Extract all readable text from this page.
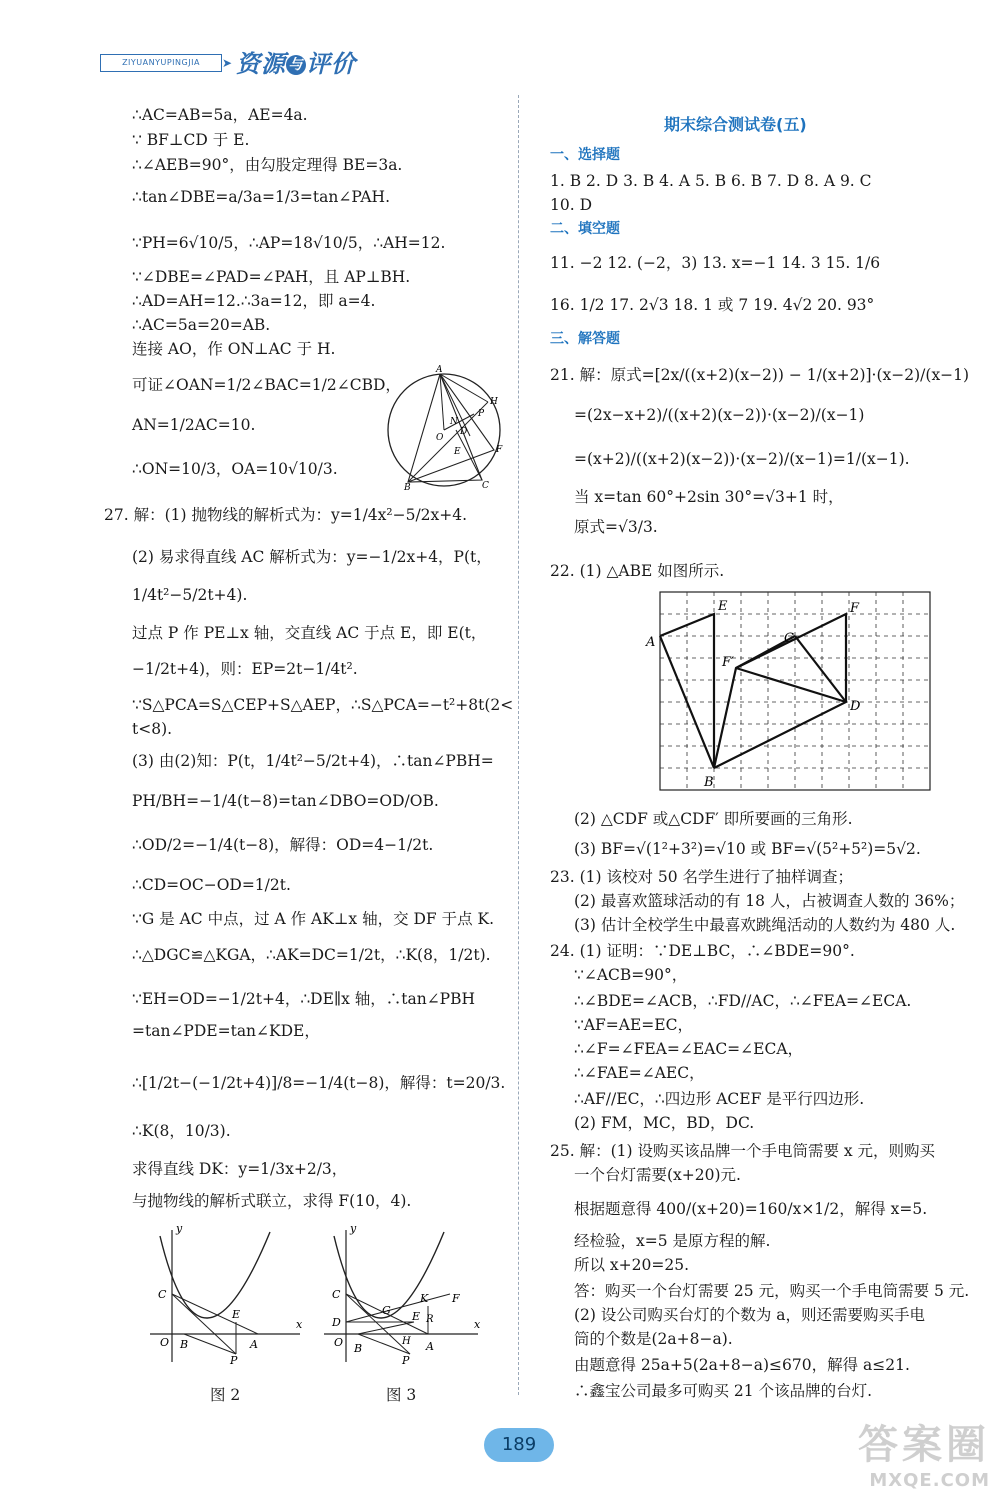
ZIYUANYUPINGJIA	➤ 资源 与 评价
∴AC=AB=5a，AE=4a.
∵ BF⊥CD 于 E.
∴∠AEB=90°，由勾股定理得 BE=3a.
∴tan∠DBE=a/3a=1/3=tan∠PAH.
∵PH=6√10/5，∴AP=18√10/5，∴AH=12.
∵∠DBE=∠PAD=∠PAH，且 AP⊥BH.
∴AD=AH=12.∴3a=12，即 a=4.
∴AC=5a=20=AB.
连接 AO，作 ON⊥AC 于 H.
可证∠OAN=1/2∠BAC=1/2∠CBD，
AN=1/2AC=10.
∴ON=10/3，OA=10√10/3.
A
H
P
F
C
B
O
E
N
D
27. 解：(1) 抛物线的解析式为：y=1/4x²−5/2x+4.
(2) 易求得直线 AC 解析式为：y=−1/2x+4，P(t，
1/4t²−5/2t+4).
过点 P 作 PE⊥x 轴，交直线 AC 于点 E，即 E(t，
−1/2t+4)，则：EP=2t−1/4t².
∵S△PCA=S△CEP+S△AEP，∴S△PCA=−t²+8t(2<
t<8).
(3) 由(2)知：P(t，1/4t²−5/2t+4)，∴tan∠PBH=
PH/BH=−1/4(t−8)=tan∠DBO=OD/OB.
∴OD/2=−1/4(t−8)，解得：OD=4−1/2t.
∴CD=OC−OD=1/2t.
∵G 是 AC 中点，过 A 作 AK⊥x 轴，交 DF 于点 K.
∴△DGC≌△KGA，∴AK=DC=1/2t，∴K(8，1/2t).
∵EH=OD=−1/2t+4，∴DE∥x 轴，∴tan∠PBH
=tan∠PDE=tan∠KDE，
∴[1/2t−(−1/2t+4)]/8=−1/4(t−8)，解得：t=20/3.
∴K(8，10/3).
求得直线 DK：y=1/3x+2/3，
与抛物线的解析式联立，求得 F(10，4).
y
x
C
O B
E
A
P
图 2
y
x
C
D
O B
G
K F
E R
H A
P
图 3
期末综合测试卷(五)
一、选择题
1. B 2. D 3. B 4. A 5. B 6. B 7. D 8. A 9. C
10. D
二、填空题
11. −2 12. (−2，3) 13. x=−1 14. 3 15. 1/6
16. 1/2 17. 2√3 18. 1 或 7 19. 4√2 20. 93°
三、解答题
21. 解：原式=[2x/((x+2)(x−2)) − 1/(x+2)]·(x−2)/(x−1)
=(2x−x+2)/((x+2)(x−2))·(x−2)/(x−1)
=(x+2)/((x+2)(x−2))·(x−2)/(x−1)=1/(x−1).
当 x=tan 60°+2sin 30°=√3+1 时，
原式=√3/3.
22. (1) △ABE 如图所示.
A
E	F
C
F′
D
B
(2) △CDF 或△CDF′ 即所要画的三角形.
(3) BF=√(1²+3²)=√10 或 BF=√(5²+5²)=5√2.
23. (1) 该校对 50 名学生进行了抽样调查；
(2) 最喜欢篮球活动的有 18 人，占被调查人数的 36%；
(3) 估计全校学生中最喜欢跳绳活动的人数约为 480 人.
24. (1) 证明：∵DE⊥BC，∴∠BDE=90°.
∵∠ACB=90°，
∴∠BDE=∠ACB，∴FD//AC，∴∠FEA=∠ECA.
∵AF=AE=EC，
∴∠F=∠FEA=∠EAC=∠ECA，
∴∠FAE=∠AEC，
∴AF//EC，∴四边形 ACEF 是平行四边形.
(2) FM，MC，BD，DC.
25. 解：(1) 设购买该品牌一个手电筒需要 x 元，则购买
一个台灯需要(x+20)元.
根据题意得 400/(x+20)=160/x×1/2，解得 x=5.
经检验，x=5 是原方程的解.
所以 x+20=25.
答：购买一个台灯需要 25 元，购买一个手电筒需要 5 元.
(2) 设公司购买台灯的个数为 a，则还需要购买手电
筒的个数是(2a+8−a).
由题意得 25a+5(2a+8−a)≤670，解得 a≤21.
∴鑫宝公司最多可购买 21 个该品牌的台灯.
189	答案圈
MXQE.COM
